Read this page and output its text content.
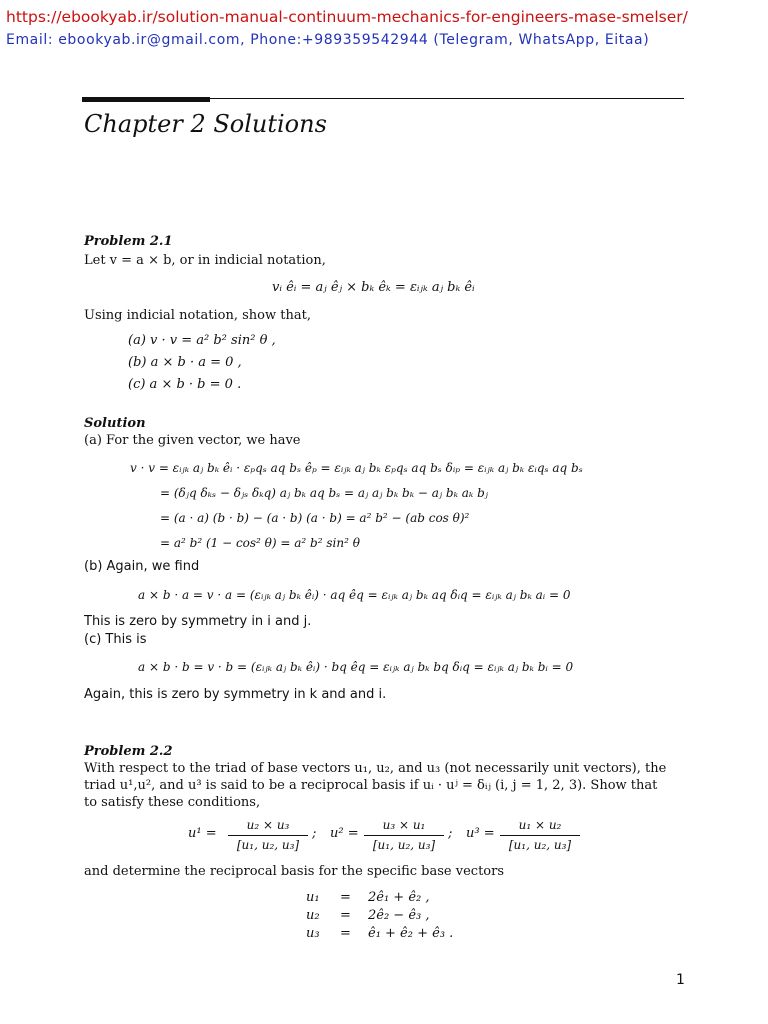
https://ebookyab.ir/solution-manual-continuum-mechanics-for-engineers-mase-smelser/
Email: ebookyab.ir@gmail.com, Phone:+989359542944 (Telegram, WhatsApp, Eitaa)
Chapter 2 Solutions
Problem 2.1
Let v = a × b, or in indicial notation,
vᵢ êᵢ = aⱼ êⱼ × bₖ êₖ = εᵢⱼₖ aⱼ bₖ êᵢ
Using indicial notation, show that,
(a) v · v = a² b² sin² θ ,
(b) a × b · a = 0 ,
(c) a × b · b = 0 .
Solution
(a) For the given vector, we have
v · v = εᵢⱼₖ aⱼ bₖ êᵢ · εₚqₛ aq bₛ êₚ = εᵢⱼₖ aⱼ bₖ εₚqₛ aq bₛ δᵢₚ = εᵢⱼₖ aⱼ bₖ εᵢqₛ aq bₛ
= (δⱼq δₖₛ − δⱼₛ δₖq) aⱼ bₖ aq bₛ = aⱼ aⱼ bₖ bₖ − aⱼ bₖ aₖ bⱼ
= (a · a) (b · b) − (a · b) (a · b) = a² b² − (ab cos θ)²
= a² b² (1 − cos² θ) = a² b² sin² θ
(b) Again, we find
a × b · a = v · a = (εᵢⱼₖ aⱼ bₖ êᵢ) · aq êq = εᵢⱼₖ aⱼ bₖ aq δᵢq = εᵢⱼₖ aⱼ bₖ aᵢ = 0
This is zero by symmetry in i and j.
(c) This is
a × b · b = v · b = (εᵢⱼₖ aⱼ bₖ êᵢ) · bq êq = εᵢⱼₖ aⱼ bₖ bq δᵢq = εᵢⱼₖ aⱼ bₖ bᵢ = 0
Again, this is zero by symmetry in k and and i.
Problem 2.2
With respect to the triad of base vectors u₁, u₂, and u₃ (not necessarily unit vectors), the
triad u¹,u², and u³ is said to be a reciprocal basis if uᵢ · uʲ = δᵢⱼ (i, j = 1, 2, 3). Show that
to satisfy these conditions,
u¹ =
u₂ × u₃
[u₁, u₂, u₃]
; u² =
u₃ × u₁
[u₁, u₂, u₃]
; u³ =
u₁ × u₂
[u₁, u₂, u₃]
and determine the reciprocal basis for the specific base vectors
u₁ = 2ê₁ + ê₂ ,
u₂ = 2ê₂ − ê₃ ,
u₃ = ê₁ + ê₂ + ê₃ .
1
